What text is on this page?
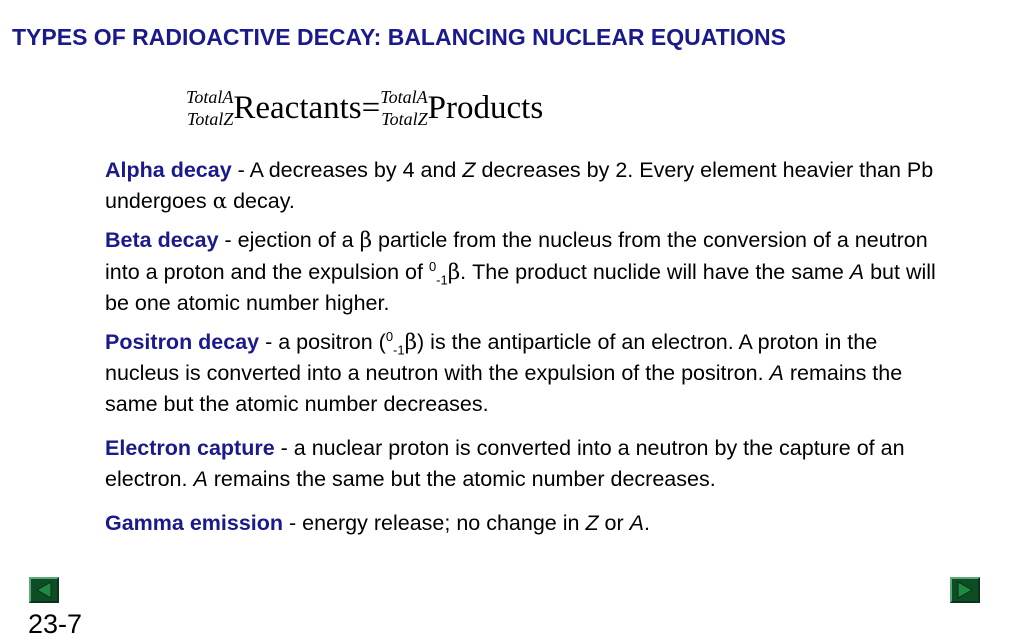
TYPES OF RADIOACTIVE DECAY: BALANCING NUCLEAR EQUATIONS
TotalA
TotalZ Reactants = TotalA
TotalZ Products

Alpha decay - A decreases by 4 and Z decreases by 2. Every element heavier than Pb undergoes α decay.

Beta decay - ejection of a β particle from the nucleus from the conversion of a neutron into a proton and the expulsion of $^0_{-1}$β. The product nuclide will have the same A but will be one atomic number higher.

Positron decay - a positron ($^0_{-1}$β) is the antiparticle of an electron. A proton in the nucleus is converted into a neutron with the expulsion of the positron. A remains the same but the atomic number decreases.

Electron capture - a nuclear proton is converted into a neutron by the capture of an electron. A remains the same but the atomic number decreases.

Gamma emission - energy release; no change in Z or A.

23-7
